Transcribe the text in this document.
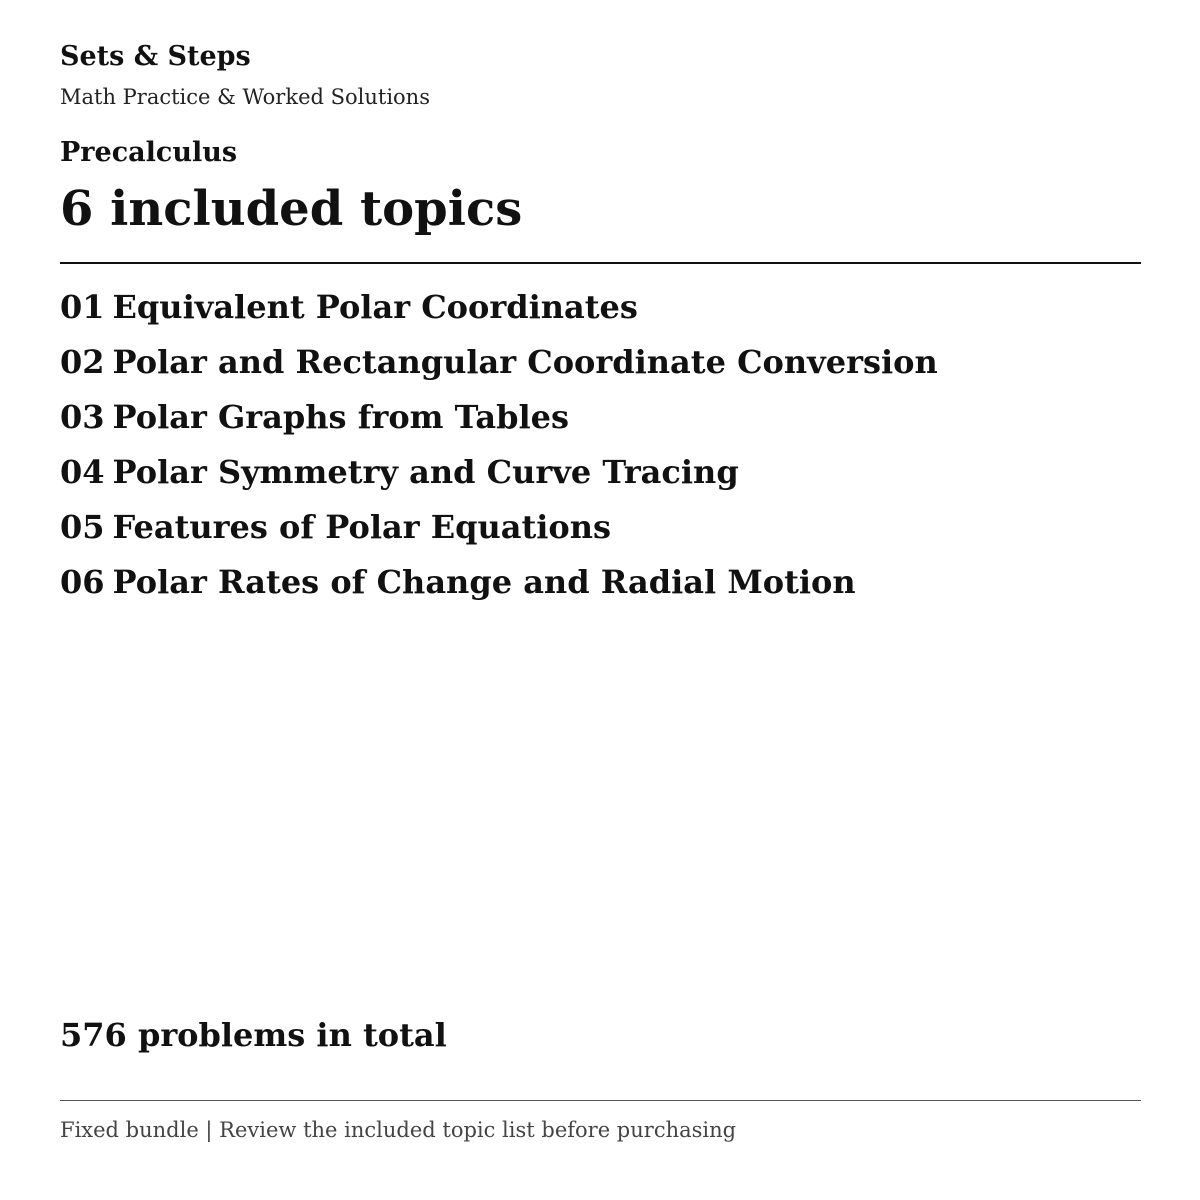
Sets & Steps
Math Practice & Worked Solutions
Precalculus
6 included topics
01 Equivalent Polar Coordinates
02 Polar and Rectangular Coordinate Conversion
03 Polar Graphs from Tables
04 Polar Symmetry and Curve Tracing
05 Features of Polar Equations
06 Polar Rates of Change and Radial Motion
576 problems in total
Fixed bundle | Review the included topic list before purchasing
